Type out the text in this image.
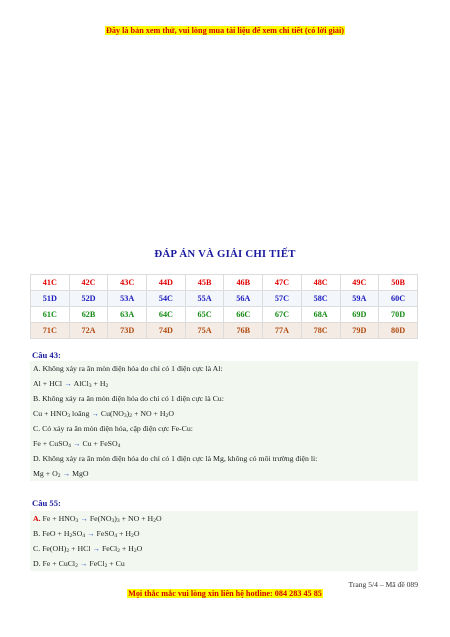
Đây là bản xem thử, vui lòng mua tài liệu để xem chi tiết (có lời giải)
ĐÁP ÁN VÀ GIẢI CHI TIẾT
41C	42C	43C	44D	45B	46B	47C	48C	49C	50B
51D	52D	53A	54C	55A	56A	57C	58C	59A	60C
61C	62B	63A	64C	65C	66C	67C	68A	69D	70D
71C	72A	73D	74D	75A	76B	77A	78C	79D	80D
Câu 43:
A. Không xảy ra ăn mòn điện hóa do chỉ có 1 điện cực là Al:
Al + HCl → AlCl$_3$ + $H_2$
B. Không xảy ra ăn mòn điện hóa do chỉ có 1 điện cực là Cu:
$Cu + HNO_3$ loãng → $Cu(NO_3)_2$ + NO + $H_2O$
C. Có xảy ra ăn mòn điện hóa, cặp điện cực Fe-Cu:
Fe + CuSO$_4$ → Cu + FeSO$_4$
D. Không xảy ra ăn mòn điện hóa do chỉ có 1 điện cực là Mg, không có môi trường điện li:
$Mg + O_2$ → MgO
Câu 55:
A. $Fe + HNO_3 \to Fe(NO_3)_3$ + NO + $H_2O$
B. FeO + $H_2SO_4$ → FeSO$_4$ + $H_2O$
C. $Fe(OH)_2$ + HCl → FeCl$_2$ + $H_2O$
D. Fe + CuCl$_2$ → FeCl$_2$ + Cu
Trang 5/4 – Mã đề 089
Mọi thắc mắc vui lòng xin liên hệ hotline: 084 283 45 85
